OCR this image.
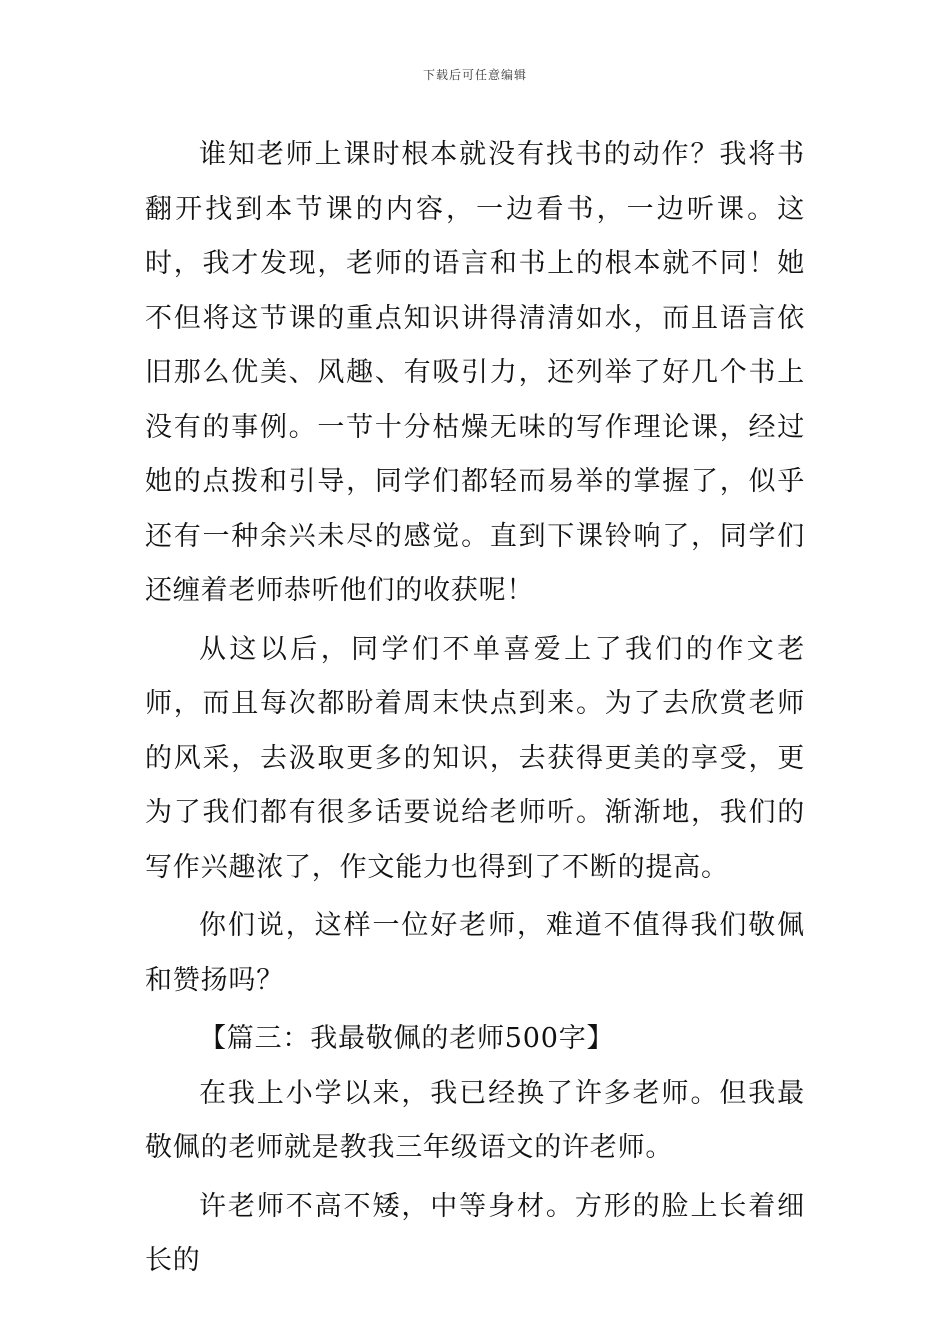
下载后可任意编辑

谁知老师上课时根本就没有找书的动作？我将书翻开找到本节课的内容，一边看书，一边听课。这时，我才发现，老师的语言和书上的根本就不同！她不但将这节课的重点知识讲得清清如水，而且语言依旧那么优美、风趣、有吸引力，还列举了好几个书上没有的事例。一节十分枯燥无味的写作理论课，经过她的点拨和引导，同学们都轻而易举的掌握了，似乎还有一种余兴未尽的感觉。直到下课铃响了，同学们还缠着老师恭听他们的收获呢！

从这以后，同学们不单喜爱上了我们的作文老师，而且每次都盼着周末快点到来。为了去欣赏老师的风采，去汲取更多的知识，去获得更美的享受，更为了我们都有很多话要说给老师听。渐渐地，我们的写作兴趣浓了，作文能力也得到了不断的提高。

你们说，这样一位好老师，难道不值得我们敬佩和赞扬吗？

【篇三：我最敬佩的老师500字】

在我上小学以来，我已经换了许多老师。但我最敬佩的老师就是教我三年级语文的许老师。

许老师不高不矮，中等身材。方形的脸上长着细长的
